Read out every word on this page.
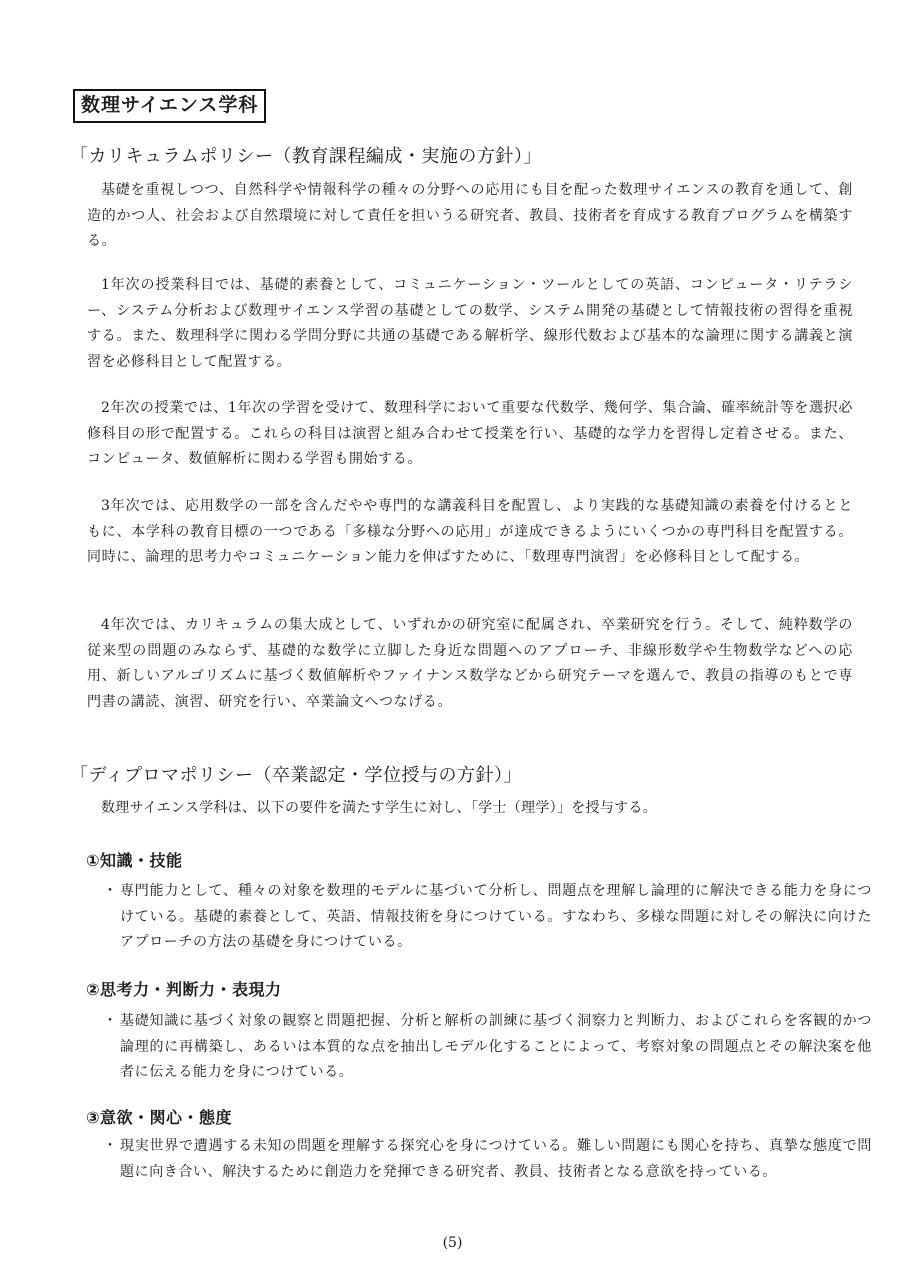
数理サイエンス学科
「カリキュラムポリシー（教育課程編成・実施の方針）」

基礎を重視しつつ、自然科学や情報科学の種々の分野への応用にも目を配った数理サイエンスの教育を通して、創造的かつ人、社会および自然環境に対して責任を担いうる研究者、教員、技術者を育成する教育プログラムを構築する。

1年次の授業科目では、基礎的素養として、コミュニケーション・ツールとしての英語、コンピュータ・リテラシー、システム分析および数理サイエンス学習の基礎としての数学、システム開発の基礎として情報技術の習得を重視する。また、数理科学に関わる学問分野に共通の基礎である解析学、線形代数および基本的な論理に関する講義と演習を必修科目として配置する。

2年次の授業では、1年次の学習を受けて、数理科学において重要な代数学、幾何学、集合論、確率統計等を選択必修科目の形で配置する。これらの科目は演習と組み合わせて授業を行い、基礎的な学力を習得し定着させる。また、コンピュータ、数値解析に関わる学習も開始する。

3年次では、応用数学の一部を含んだやや専門的な講義科目を配置し、より実践的な基礎知識の素養を付けるとともに、本学科の教育目標の一つである「多様な分野への応用」が達成できるようにいくつかの専門科目を配置する。同時に、論理的思考力やコミュニケーション能力を伸ばすために、「数理専門演習」を必修科目として配する。

4年次では、カリキュラムの集大成として、いずれかの研究室に配属され、卒業研究を行う。そして、純粋数学の従来型の問題のみならず、基礎的な数学に立脚した身近な問題へのアプローチ、非線形数学や生物数学などへの応用、新しいアルゴリズムに基づく数値解析やファイナンス数学などから研究テーマを選んで、教員の指導のもとで専門書の講読、演習、研究を行い、卒業論文へつなげる。

「ディプロマポリシー（卒業認定・学位授与の方針）」
数理サイエンス学科は、以下の要件を満たす学生に対し、「学士（理学）」を授与する。
①知識・技能

・ 専門能力として、種々の対象を数理的モデルに基づいて分析し、問題点を理解し論理的に解決できる能力を身につけている。基礎的素養として、英語、情報技術を身につけている。すなわち、多様な問題に対しその解決に向けたアプローチの方法の基礎を身につけている。

②思考力・判断力・表現力

・ 基礎知識に基づく対象の観察と問題把握、分析と解析の訓練に基づく洞察力と判断力、およびこれらを客観的かつ論理的に再構築し、あるいは本質的な点を抽出しモデル化することによって、考察対象の問題点とその解決案を他者に伝える能力を身につけている。

③意欲・関心・態度

・ 現実世界で遭遇する未知の問題を理解する探究心を身につけている。難しい問題にも関心を持ち、真摯な態度で問題に向き合い、解決するために創造力を発揮できる研究者、教員、技術者となる意欲を持っている。

(5)
